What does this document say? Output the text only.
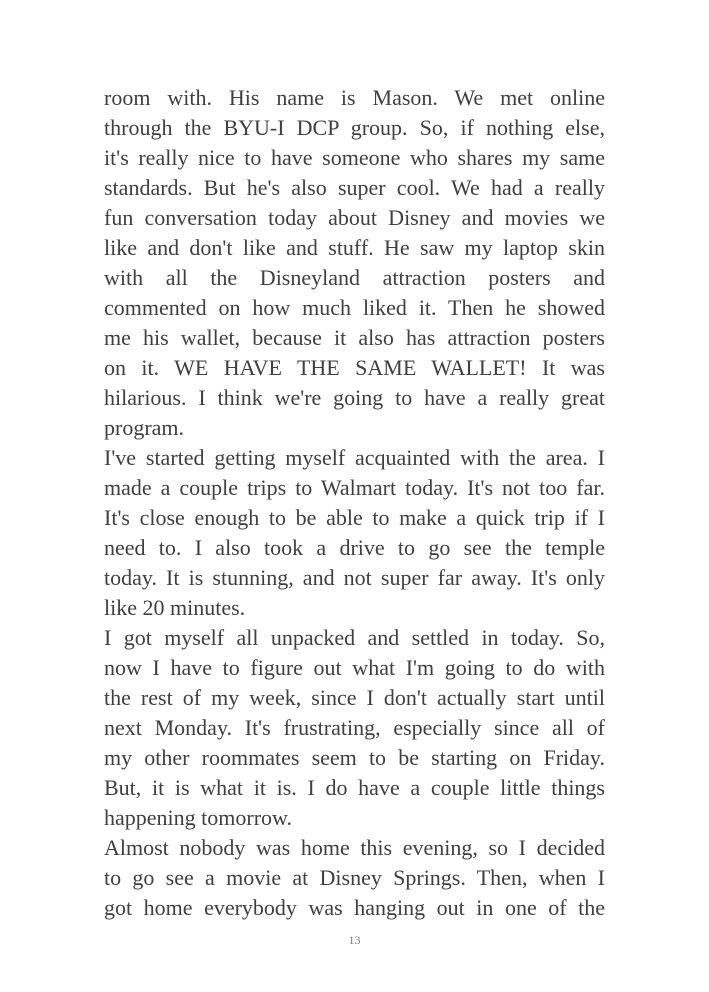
room with. His name is Mason. We met online
through the BYU-I DCP group. So, if nothing else,
it's really nice to have someone who shares my same
standards. But he's also super cool. We had a really
fun conversation today about Disney and movies we
like and don't like and stuff. He saw my laptop skin
with all the Disneyland attraction posters and
commented on how much liked it. Then he showed
me his wallet, because it also has attraction posters
on it. WE HAVE THE SAME WALLET! It was
hilarious. I think we're going to have a really great
program.
I've started getting myself acquainted with the area. I
made a couple trips to Walmart today. It's not too far.
It's close enough to be able to make a quick trip if I
need to. I also took a drive to go see the temple
today. It is stunning, and not super far away. It's only
like 20 minutes.
I got myself all unpacked and settled in today. So,
now I have to figure out what I'm going to do with
the rest of my week, since I don't actually start until
next Monday. It's frustrating, especially since all of
my other roommates seem to be starting on Friday.
But, it is what it is. I do have a couple little things
happening tomorrow.
Almost nobody was home this evening, so I decided
to go see a movie at Disney Springs. Then, when I
got home everybody was hanging out in one of the
13
